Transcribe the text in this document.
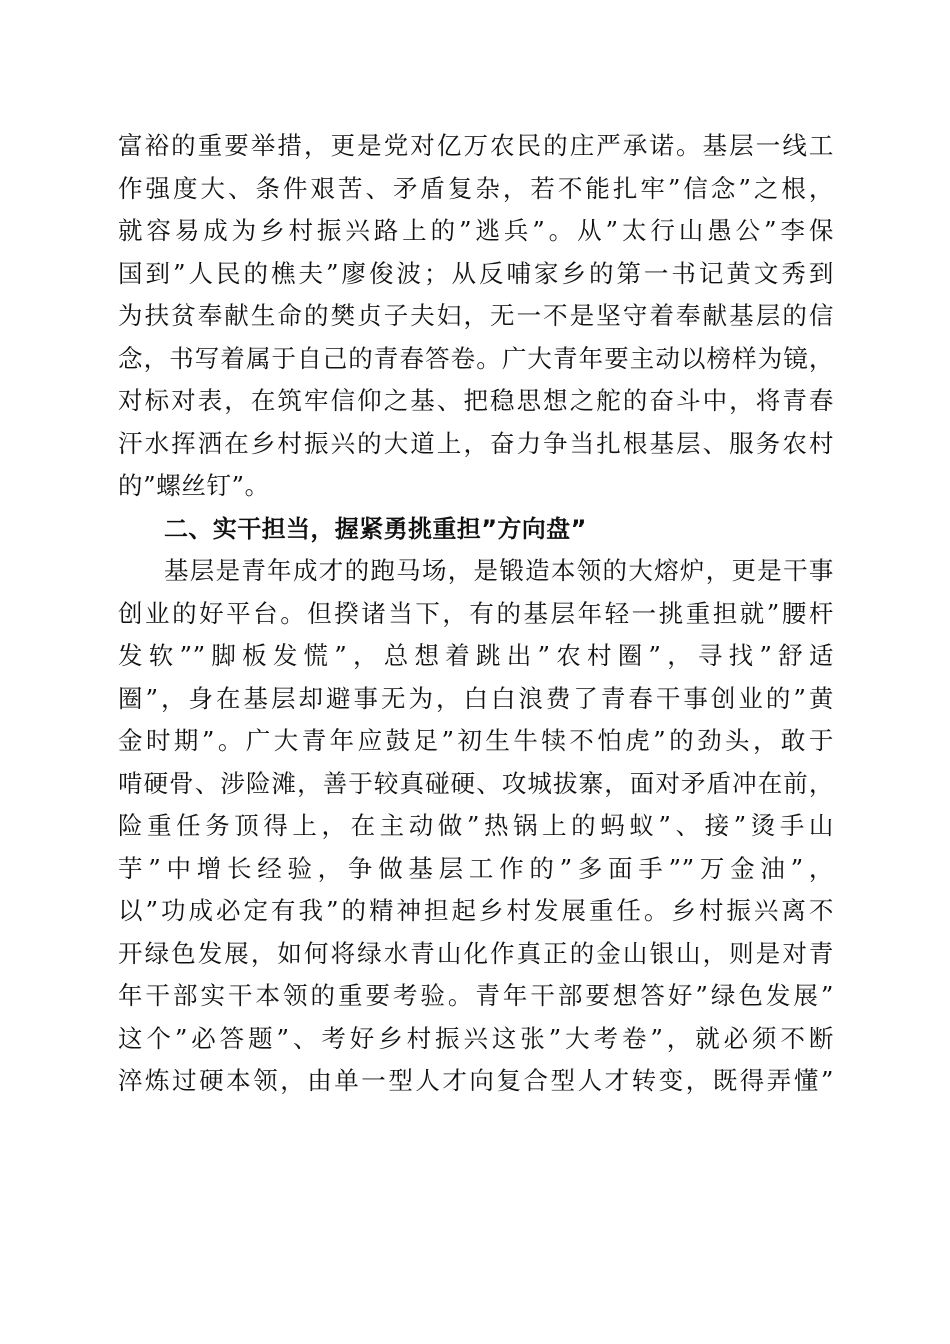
富裕的重要举措，更是党对亿万农民的庄严承诺。基层一线工
作强度大、条件艰苦、矛盾复杂，若不能扎牢”信念”之根，
就容易成为乡村振兴路上的”逃兵”。从”太行山愚公”李保
国到”人民的樵夫”廖俊波；从反哺家乡的第一书记黄文秀到
为扶贫奉献生命的樊贞子夫妇，无一不是坚守着奉献基层的信
念，书写着属于自己的青春答卷。广大青年要主动以榜样为镜，
对标对表，在筑牢信仰之基、把稳思想之舵的奋斗中，将青春
汗水挥洒在乡村振兴的大道上，奋力争当扎根基层、服务农村
的”螺丝钉”。
二、实干担当，握紧勇挑重担”方向盘”
基层是青年成才的跑马场，是锻造本领的大熔炉，更是干事
创业的好平台。但揆诸当下，有的基层年轻一挑重担就”腰杆
发软””脚板发慌”，总想着跳出”农村圈”，寻找”舒适
圈”，身在基层却避事无为，白白浪费了青春干事创业的”黄
金时期”。广大青年应鼓足”初生牛犊不怕虎”的劲头，敢于
啃硬骨、涉险滩，善于较真碰硬、攻城拔寨，面对矛盾冲在前，
险重任务顶得上，在主动做”热锅上的蚂蚁”、接”烫手山
芋”中增长经验，争做基层工作的”多面手””万金油”，
以”功成必定有我”的精神担起乡村发展重任。乡村振兴离不
开绿色发展，如何将绿水青山化作真正的金山银山，则是对青
年干部实干本领的重要考验。青年干部要想答好”绿色发展”
这个”必答题”、考好乡村振兴这张”大考卷”，就必须不断
淬炼过硬本领，由单一型人才向复合型人才转变，既得弄懂”
